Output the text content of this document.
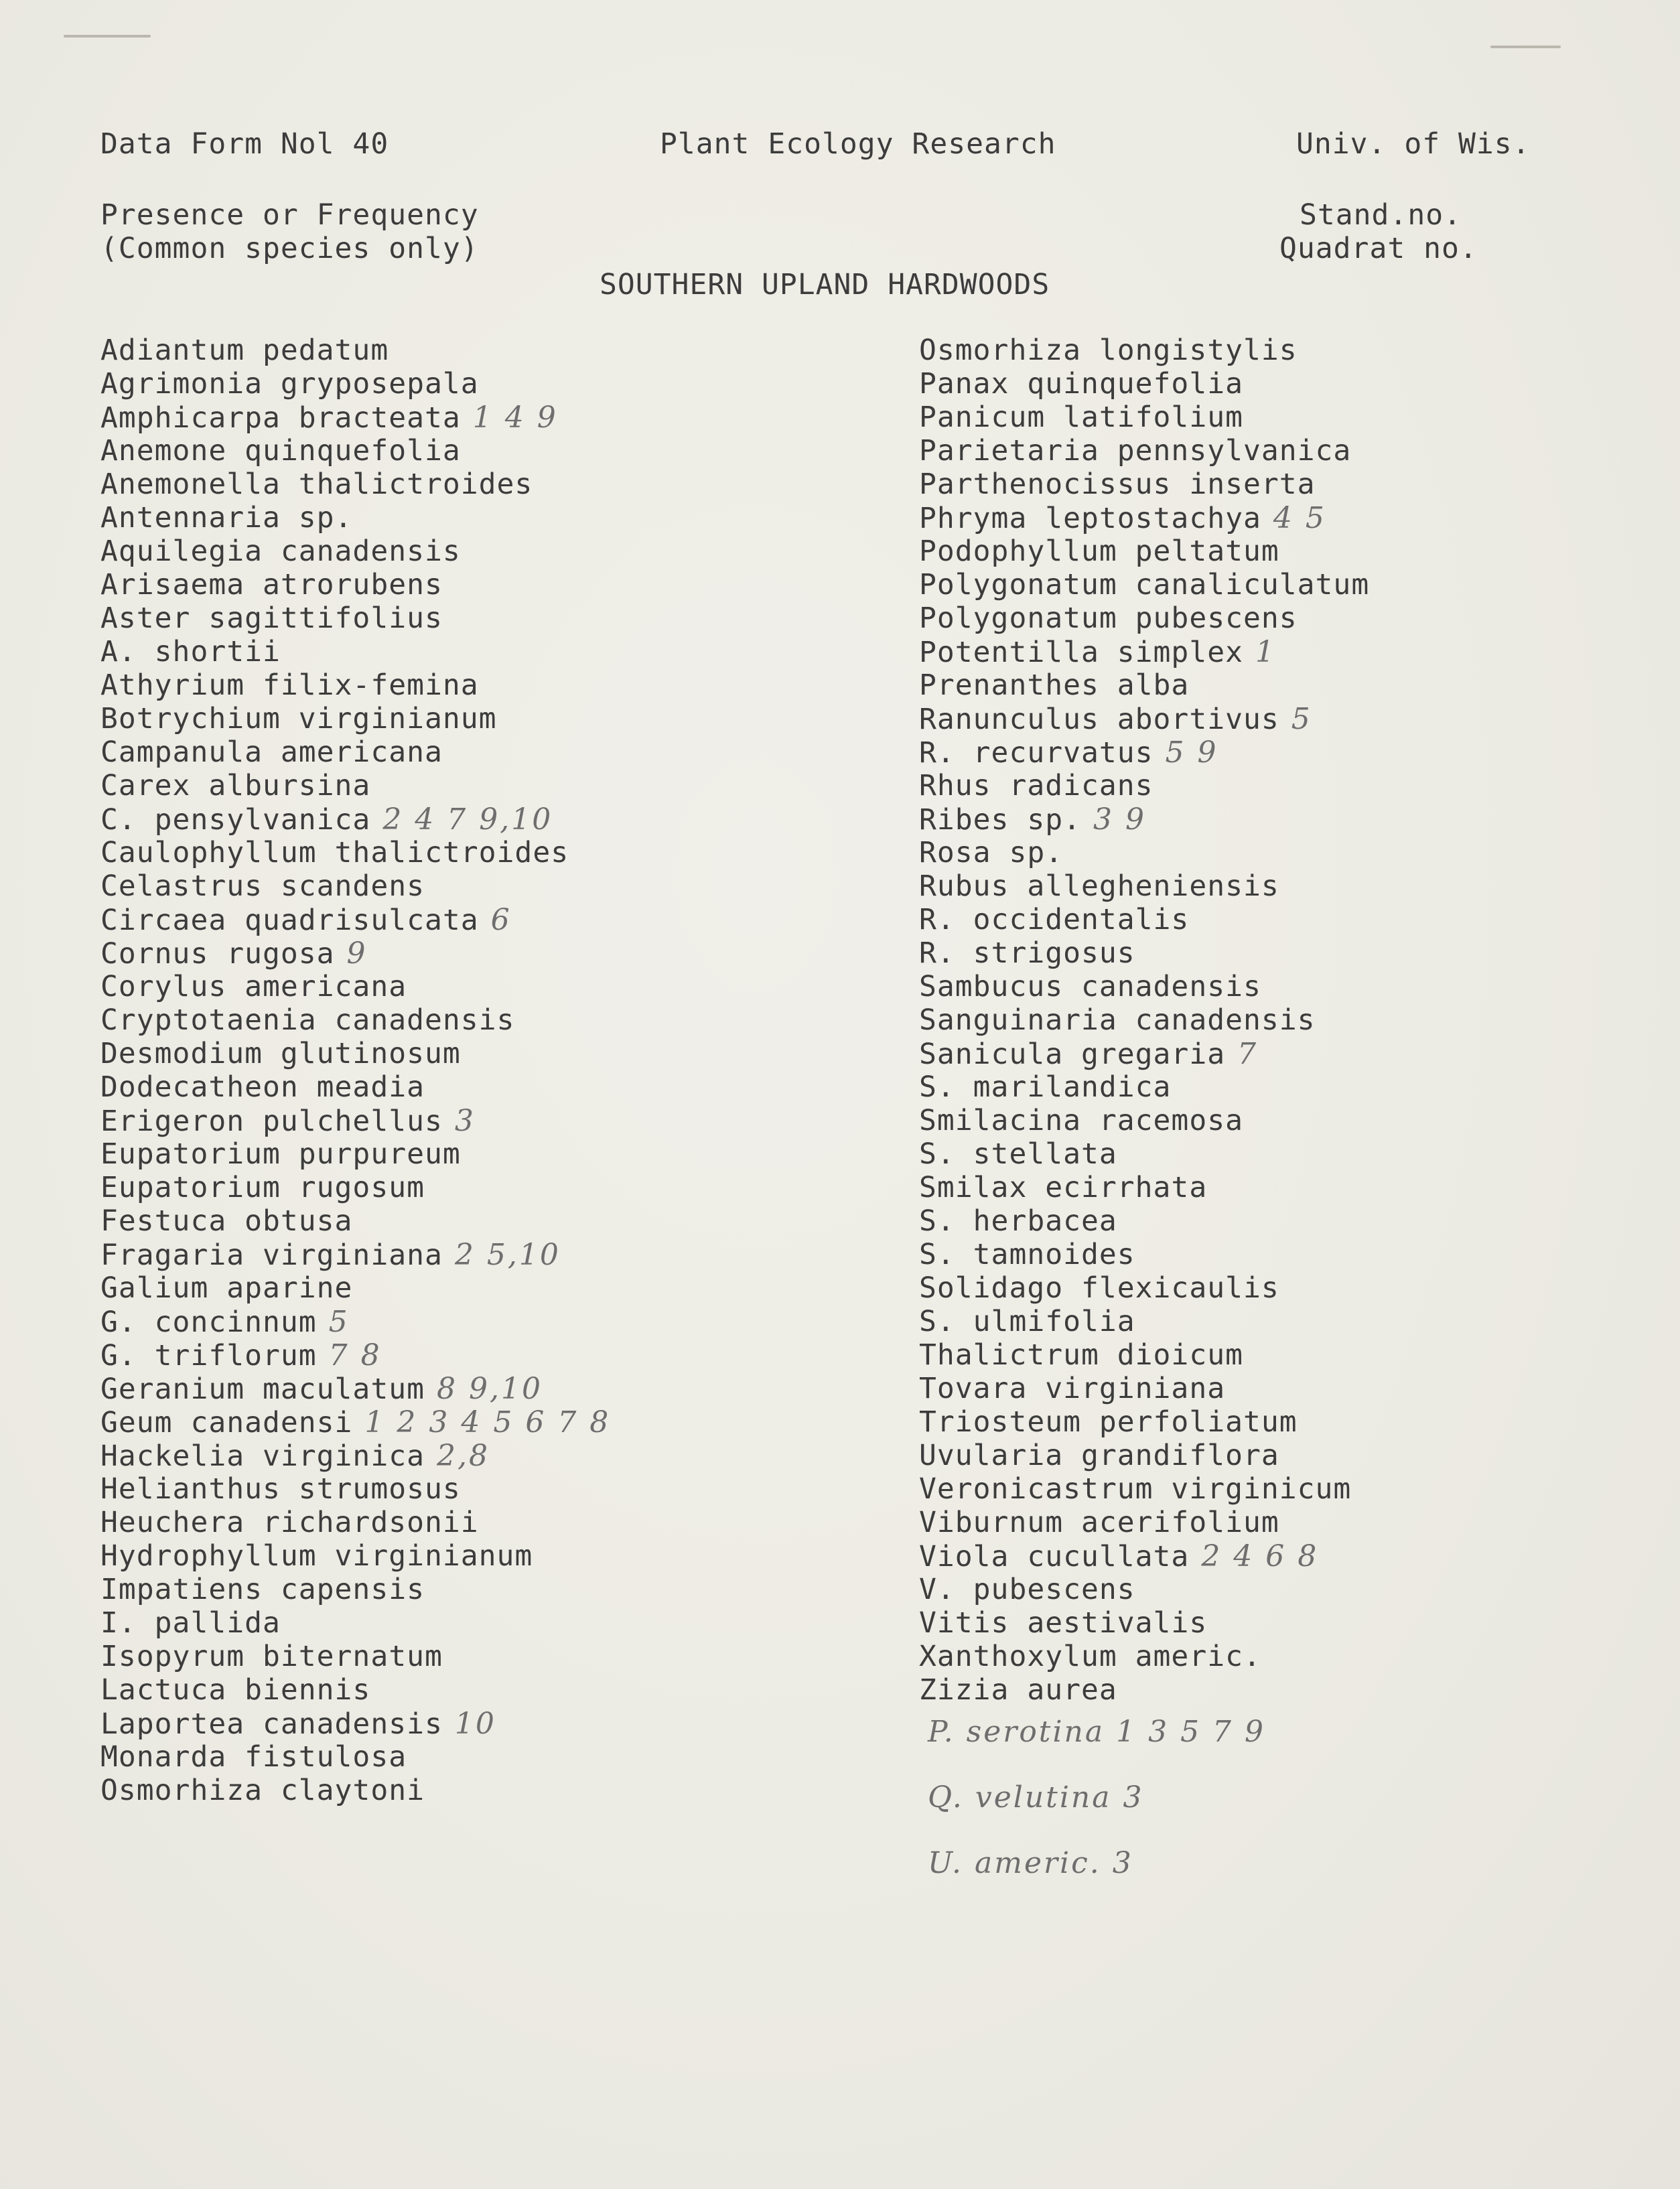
Data Form Nol 40	Plant Ecology Research	Univ. of Wis.
Presence or Frequency
(Common species only)
Stand.no.
Quadrat no.
SOUTHERN UPLAND HARDWOODS
Adiantum pedatum
Agrimonia gryposepala
Amphicarpa bracteata 1 4 9
Anemone quinquefolia
Anemonella thalictroides
Antennaria sp.
Aquilegia canadensis
Arisaema atrorubens
Aster sagittifolius
A. shortii
Athyrium filix-femina
Botrychium virginianum
Campanula americana
Carex albursina
C. pensylvanica 2 4 7 9,10
Caulophyllum thalictroides
Celastrus scandens
Circaea quadrisulcata 6
Cornus rugosa 9
Corylus americana
Cryptotaenia canadensis
Desmodium glutinosum
Dodecatheon meadia
Erigeron pulchellus 3
Eupatorium purpureum
Eupatorium rugosum
Festuca obtusa
Fragaria virginiana 2 5,10
Galium aparine
G. concinnum 5
G. triflorum 7 8
Geranium maculatum 8 9,10
Geum canadensi 1 2 3 4 5 6 7 8
Hackelia virginica 2,8
Helianthus strumosus
Heuchera richardsonii
Hydrophyllum virginianum
Impatiens capensis
I. pallida
Isopyrum biternatum
Lactuca biennis
Laportea canadensis 10
Monarda fistulosa
Osmorhiza claytoni
Osmorhiza longistylis
Panax quinquefolia
Panicum latifolium
Parietaria pennsylvanica
Parthenocissus inserta
Phryma leptostachya 4 5
Podophyllum peltatum
Polygonatum canaliculatum
Polygonatum pubescens
Potentilla simplex 1
Prenanthes alba
Ranunculus abortivus 5
R. recurvatus 5 9
Rhus radicans
Ribes sp. 3 9
Rosa sp.
Rubus allegheniensis
R. occidentalis
R. strigosus
Sambucus canadensis
Sanguinaria canadensis
Sanicula gregaria 7
S. marilandica
Smilacina racemosa
S. stellata
Smilax ecirrhata
S. herbacea
S. tamnoides
Solidago flexicaulis
S. ulmifolia
Thalictrum dioicum
Tovara virginiana
Triosteum perfoliatum
Uvularia grandiflora
Veronicastrum virginicum
Viburnum acerifolium
Viola cucullata 2 4 6 8
V. pubescens
Vitis aestivalis
Xanthoxylum americ.
Zizia aurea
P. serotina 1 3 5 7 9
Q. velutina 3
U. americ. 3
